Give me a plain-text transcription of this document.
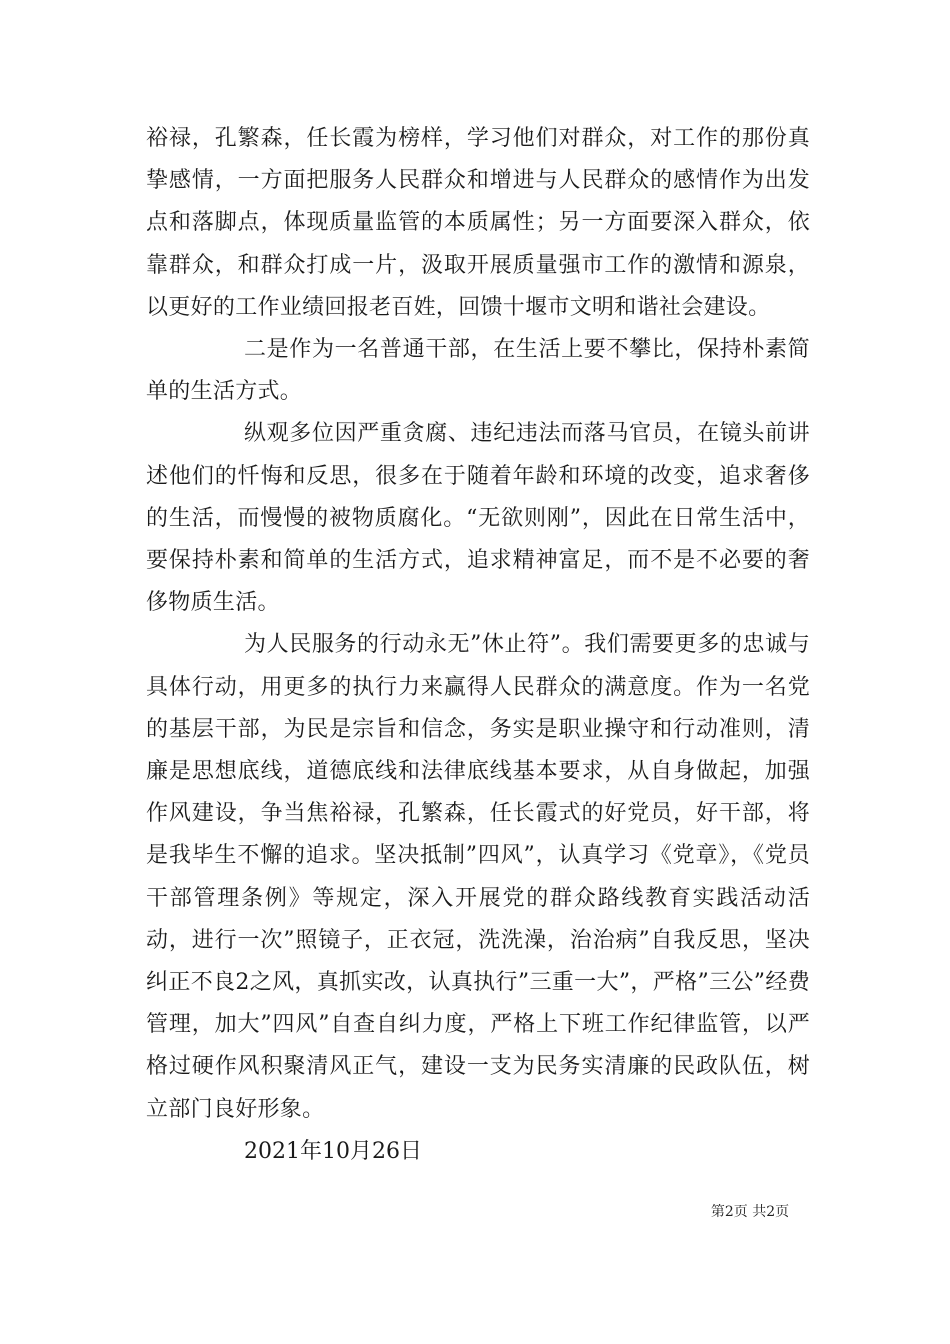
裕禄，孔繁森，任长霞为榜样，学习他们对群众，对工作的那份真挚感情，一方面把服务人民群众和增进与人民群众的感情作为出发点和落脚点，体现质量监管的本质属性；另一方面要深入群众，依靠群众，和群众打成一片，汲取开展质量强市工作的激情和源泉，以更好的工作业绩回报老百姓，回馈十堰市文明和谐社会建设。

二是作为一名普通干部，在生活上要不攀比，保持朴素简单的生活方式。

纵观多位因严重贪腐、违纪违法而落马官员，在镜头前讲述他们的忏悔和反思，很多在于随着年龄和环境的改变，追求奢侈的生活，而慢慢的被物质腐化。“无欲则刚”，因此在日常生活中，要保持朴素和简单的生活方式，追求精神富足，而不是不必要的奢侈物质生活。

为人民服务的行动永无”休止符”。我们需要更多的忠诚与具体行动，用更多的执行力来赢得人民群众的满意度。作为一名党的基层干部，为民是宗旨和信念，务实是职业操守和行动准则，清廉是思想底线，道德底线和法律底线基本要求，从自身做起，加强作风建设，争当焦裕禄，孔繁森，任长霞式的好党员，好干部，将是我毕生不懈的追求。坚决抵制”四风”，认真学习《党章》，《党员干部管理条例》等规定，深入开展党的群众路线教育实践活动活动，进行一次”照镜子，正衣冠，洗洗澡，治治病”自我反思，坚决纠正不良2之风，真抓实改，认真执行”三重一大”，严格”三公”经费管理，加大”四风”自查自纠力度，严格上下班工作纪律监管，以严格过硬作风积聚清风正气，建设一支为民务实清廉的民政队伍，树立部门良好形象。

2021年10月26日

第2页 共2页
